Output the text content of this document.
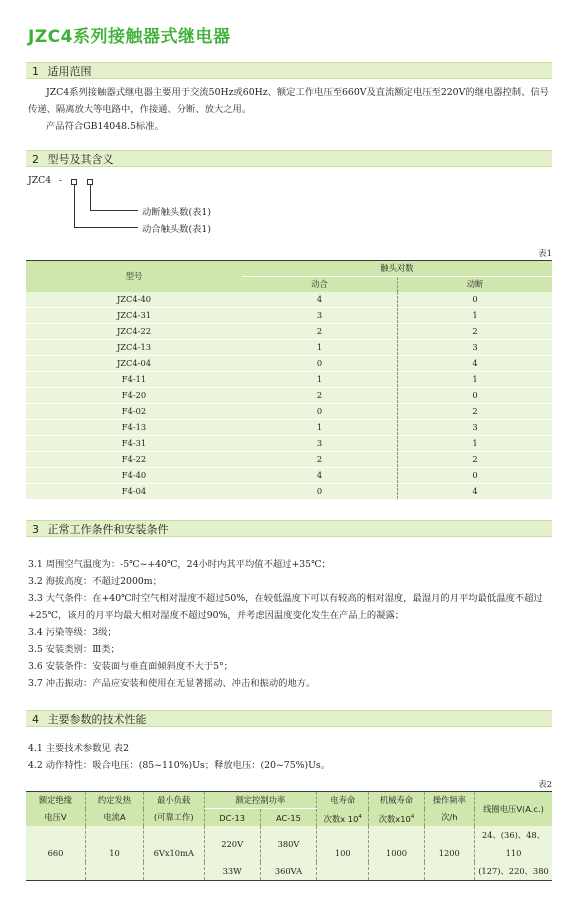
JZC4系列接触器式继电器
1 适用范围

JZC4系列接触器式继电器主要用于交流50Hz或60Hz、额定工作电压至660V及直流额定电压至220V的继电器控制、信号传递、隔离放大等电路中，作接通、分断、放大之用。

产品符合GB14048.5标准。

2 型号及其含义
JZC4 -
动断触头数(表1)
动合触头数(表1)
表1
型号	触头对数	
	动合	动断
JZC4-40	4	0
JZC4-31	3	1
JZC4-22	2	2
JZC4-13	1	3
JZC4-04	0	4
F4-11	1	1
F4-20	2	0
F4-02	0	2
F4-13	1	3
F4-31	3	1
F4-22	2	2
F4-40	4	0
F4-04	0	4
3 正常工作条件和安装条件
3.1 周围空气温度为：-5℃~+40℃，24小时内其平均值不超过+35℃；
3.2 海拔高度：不超过2000m；
3.3 大气条件：在+40℃时空气相对湿度不超过50%，在较低温度下可以有较高的相对湿度，最湿月的月平均最低温度不超过+25℃，该月的月平均最大相对湿度不超过90%，并考虑因温度变化发生在产品上的凝露；
3.4 污染等级：3级；
3.5 安装类别：Ⅲ类；
3.6 安装条件：安装面与垂直面倾斜度不大于5°；
3.7 冲击振动：产品应安装和使用在无显著摇动、冲击和振动的地方。
4 主要参数的技术性能
4.1 主要技术参数见 表2
4.2 动作特性：吸合电压：(85~110%)Us；释放电压：(20~75%)Us。
表2
额定绝缘	约定发热	最小负载	额定控制功率		电寿命	机械寿命	操作频率	线圈电压V(A.c.)
电压V	电流A	(可靠工作)	DC-13	AC-15	次数x $10^4$	次数$x10^4$	次/h	
660	10	6Vx10mA	220V	380V	100	1000	1200	24、(36)、48、110
			33W	360VA				(127)、220、380
